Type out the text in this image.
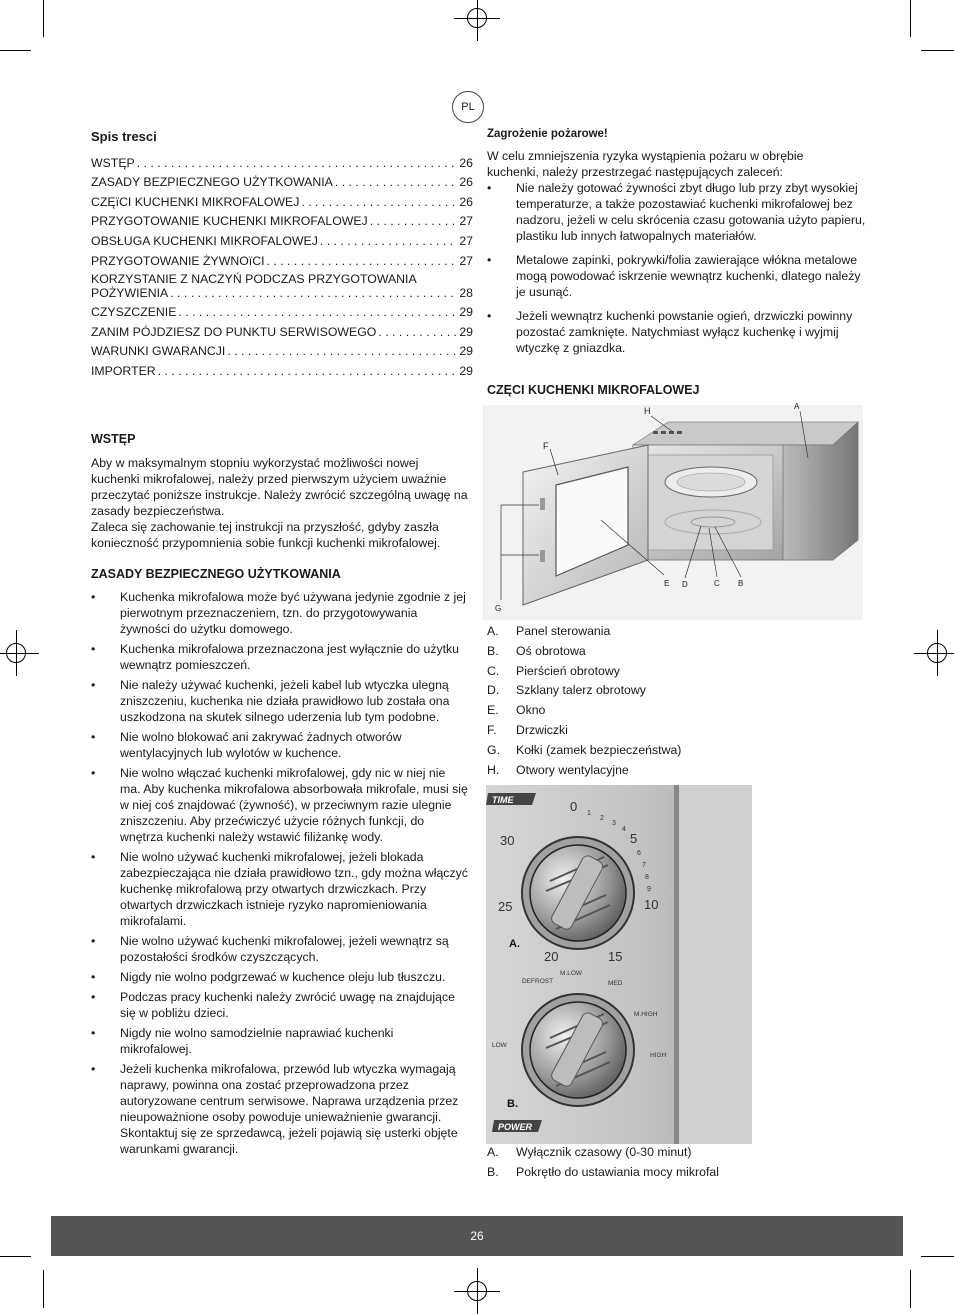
PL
Spis tresci
WSTĘP . . .	26
ZASADY BEZPIECZNEGO UŻYTKOWANIA . . .	26
CZĘïCI KUCHENKI MIKROFALOWEJ . . .	26
PRZYGOTOWANIE KUCHENKI MIKROFALOWEJ . . .	27
OBSŁUGA KUCHENKI MIKROFALOWEJ . . .	27
PRZYGOTOWANIE ŻYWNOïCI . . .	27
KORZYSTANIE Z NACZYŃ PODCZAS PRZYGOTOWANIA
POŻYWIENIA . . .	28
CZYSZCZENIE . . .	29
ZANIM PÓJDZIESZ DO PUNKTU SERWISOWEGO . . .	29
WARUNKI GWARANCJI . . .	29
IMPORTER . . .	29
WSTĘP
Aby w maksymalnym stopniu wykorzystać możliwości nowej kuchenki mikrofalowej, należy przed pierwszym użyciem uważnie przeczytać poniższe instrukcje. Należy zwrócić szczególną uwagę na zasady bezpieczeństwa.
Zaleca się zachowanie tej instrukcji na przyszłość, gdyby zaszła konieczność przypomnienia sobie funkcji kuchenki mikrofalowej.
ZASADY BEZPIECZNEGO UŻYTKOWANIA
• Kuchenka mikrofalowa może być używana jedynie zgodnie z jej pierwotnym przeznaczeniem, tzn. do przygotowywania żywności do użytku domowego.
• Kuchenka mikrofalowa przeznaczona jest wyłącznie do użytku wewnątrz pomieszczeń.
• Nie należy używać kuchenki, jeżeli kabel lub wtyczka ulegną zniszczeniu, kuchenka nie działa prawidłowo lub została ona uszkodzona na skutek silnego uderzenia lub tym podobne.
• Nie wolno blokować ani zakrywać żadnych otworów wentylacyjnych lub wylotów w kuchence.
• Nie wolno włączać kuchenki mikrofalowej, gdy nic w niej nie ma. Aby kuchenka mikrofalowa absorbowała mikrofale, musi się w niej coś znajdować (żywność), w przeciwnym razie ulegnie zniszczeniu. Aby przećwiczyć użycie różnych funkcji, do wnętrza kuchenki należy wstawić filiżankę wody.
• Nie wolno używać kuchenki mikrofalowej, jeżeli blokada zabezpieczająca nie działa prawidłowo tzn., gdy można włączyć kuchenkę mikrofalową przy otwartych drzwiczkach. Przy otwartych drzwiczkach istnieje ryzyko napromieniowania mikrofalami.
• Nie wolno używać kuchenki mikrofalowej, jeżeli wewnątrz są pozostałości środków czyszczących.
• Nigdy nie wolno podgrzewać w kuchence oleju lub tłuszczu.
• Podczas pracy kuchenki należy zwrócić uwagę na znajdujące się w pobliżu dzieci.
• Nigdy nie wolno samodzielnie naprawiać kuchenki mikrofalowej.
• Jeżeli kuchenka mikrofalowa, przewód lub wtyczka wymagają naprawy, powinna ona zostać przeprowadzona przez autoryzowane centrum serwisowe. Naprawa urządzenia przez nieupoważnione osoby powoduje unieważnienie gwarancji. Skontaktuj się ze sprzedawcą, jeżeli pojawią się usterki objęte warunkami gwarancji.
Zagrożenie pożarowe!
W celu zmniejszenia ryzyka wystąpienia pożaru w obrębie kuchenki, należy przestrzegać następujących zaleceń:
• Nie należy gotować żywności zbyt długo lub przy zbyt wysokiej temperaturze, a także pozostawiać kuchenki mikrofalowej bez nadzoru, jeżeli w celu skrócenia czasu gotowania użyto papieru, plastiku lub innych łatwopalnych materiałów.
• Metalowe zapinki, pokrywki/folia zawierające włókna metalowe mogą powodować iskrzenie wewnątrz kuchenki, dlatego należy je usunąć.
• Jeżeli wewnątrz kuchenki powstanie ogień, drzwiczki powinny pozostać zamknięte. Natychmiast wyłącz kuchenkę i wyjmij wtyczkę z gniazdka.
CZĘCI KUCHENKI MIKROFALOWEJ
H	A
F
E D	C B
G
A.	Panel sterowania
B.	Oś obrotowa
C.	Pierścień obrotowy
D.	Szklany talerz obrotowy
E.	Okno
F.	Drzwiczki
G.	Kołki (zamek bezpieczeństwa)
H.	Otwory wentylacyjne
TIME	0
5
10
15
20
25
30
1
2
3
4
6
7
8
9
A.
M.LOW
DEFROST	MED
M.HIGH
HIGH
LOW
B.
POWER
A.	Wyłącznik czasowy (0-30 minut)
B.	Pokrętło do ustawiania mocy mikrofal
26
